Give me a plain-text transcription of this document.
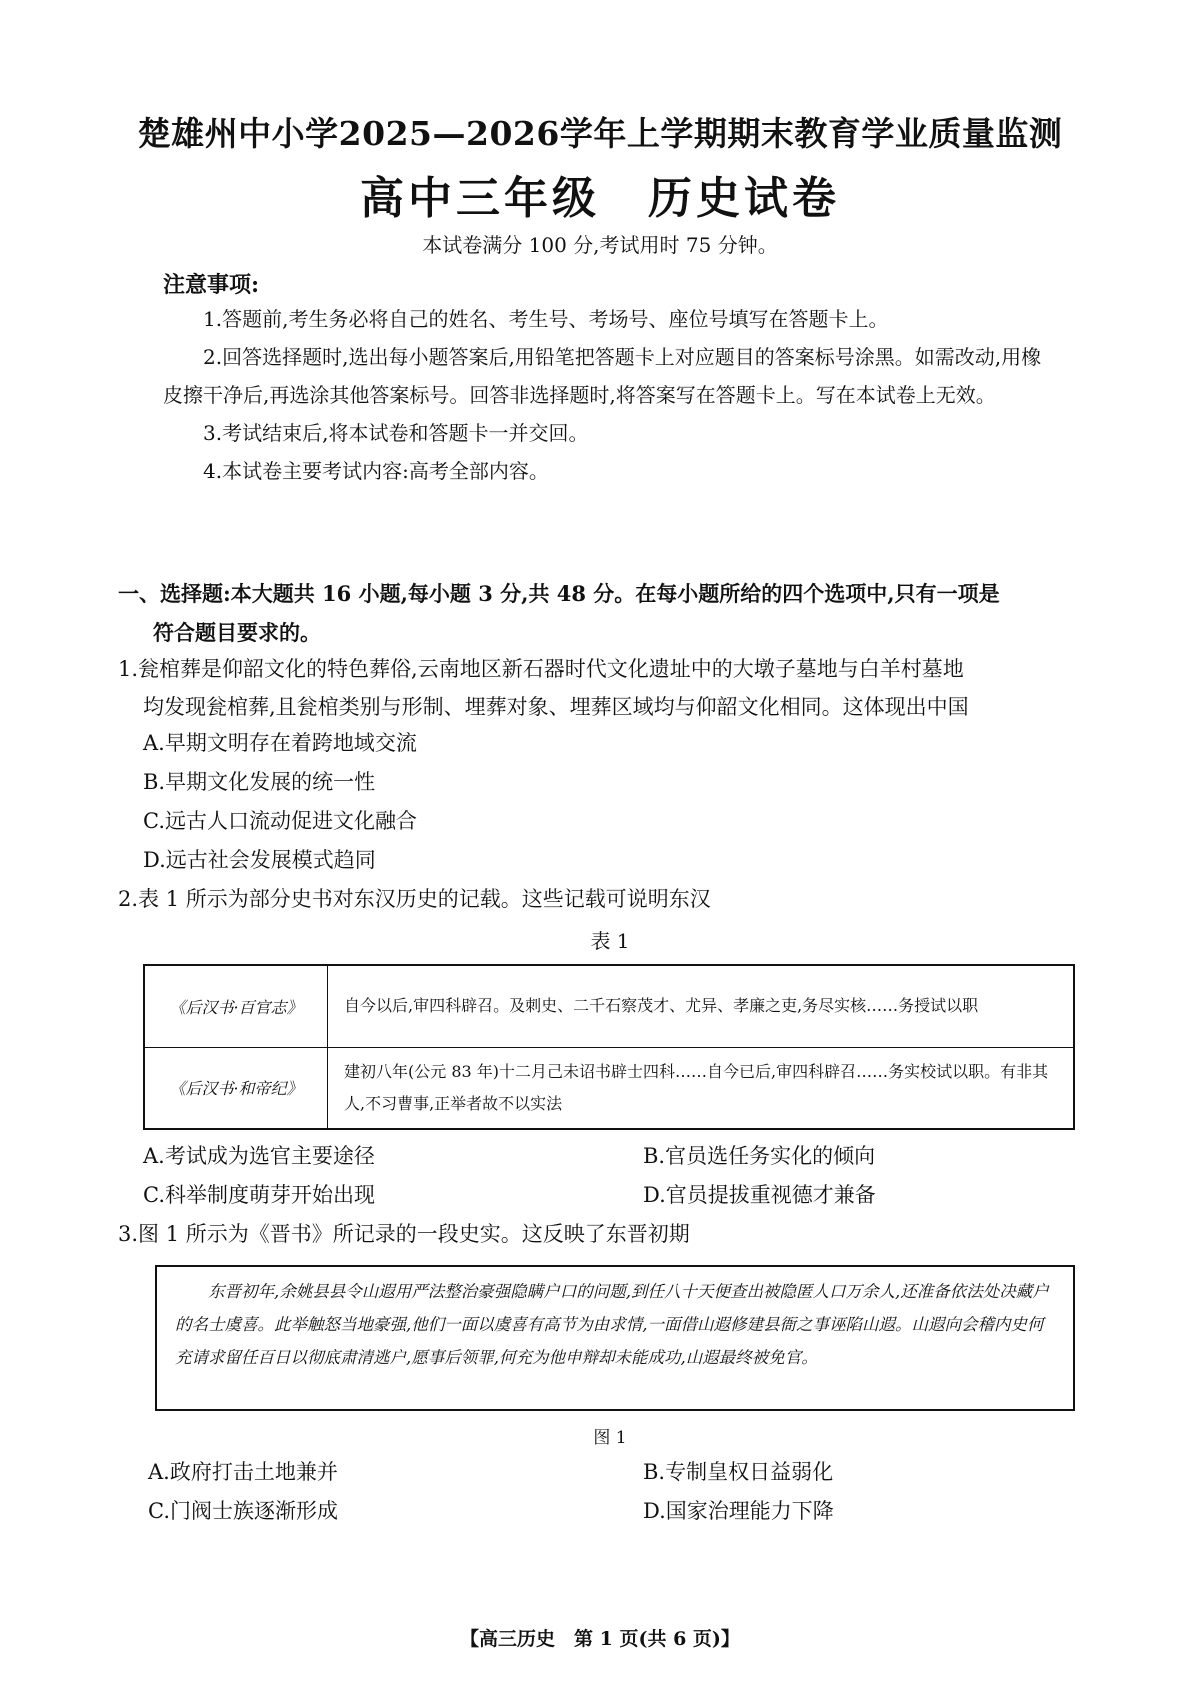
楚雄州中小学2025—2026学年上学期期末教育学业质量监测
高中三年级　历史试卷
本试卷满分 100 分,考试用时 75 分钟。
注意事项:
1.答题前,考生务必将自己的姓名、考生号、考场号、座位号填写在答题卡上。
2.回答选择题时,选出每小题答案后,用铅笔把答题卡上对应题目的答案标号涂黑。如需改动,用橡皮擦干净后,再选涂其他答案标号。回答非选择题时,将答案写在答题卡上。写在本试卷上无效。
3.考试结束后,将本试卷和答题卡一并交回。
4.本试卷主要考试内容:高考全部内容。
一、选择题:本大题共 16 小题,每小题 3 分,共 48 分。在每小题所给的四个选项中,只有一项是
符合题目要求的。
1.瓮棺葬是仰韶文化的特色葬俗,云南地区新石器时代文化遗址中的大墩子墓地与白羊村墓地
均发现瓮棺葬,且瓮棺类别与形制、埋葬对象、埋葬区域均与仰韶文化相同。这体现出中国
A.早期文明存在着跨地域交流
B.早期文化发展的统一性
C.远古人口流动促进文化融合
D.远古社会发展模式趋同
2.表 1 所示为部分史书对东汉历史的记载。这些记载可说明东汉
表 1
《后汉书·百官志》	自今以后,审四科辟召。及刺史、二千石察茂才、尤异、孝廉之吏,务尽实核……务授试以职
《后汉书·和帝纪》	建初八年(公元 83 年)十二月己未诏书辟士四科……自今已后,审四科辟召……务实校试以职。有非其人,不习曹事,正举者故不以实法
A.考试成为选官主要途径	B.官员选任务实化的倾向
C.科举制度萌芽开始出现	D.官员提拔重视德才兼备
3.图 1 所示为《晋书》所记录的一段史实。这反映了东晋初期
东晋初年,余姚县县令山遐用严法整治豪强隐瞒户口的问题,到任八十天便查出被隐匿人口万余人,还准备依法处决藏户的名士虞喜。此举触怒当地豪强,他们一面以虞喜有高节为由求情,一面借山遐修建县衙之事诬陷山遐。山遐向会稽内史何充请求留任百日以彻底肃清逃户,愿事后领罪,何充为他申辩却未能成功,山遐最终被免官。
图 1
A.政府打击土地兼并	B.专制皇权日益弱化
C.门阀士族逐渐形成	D.国家治理能力下降
【高三历史　第 1 页(共 6 页)】
